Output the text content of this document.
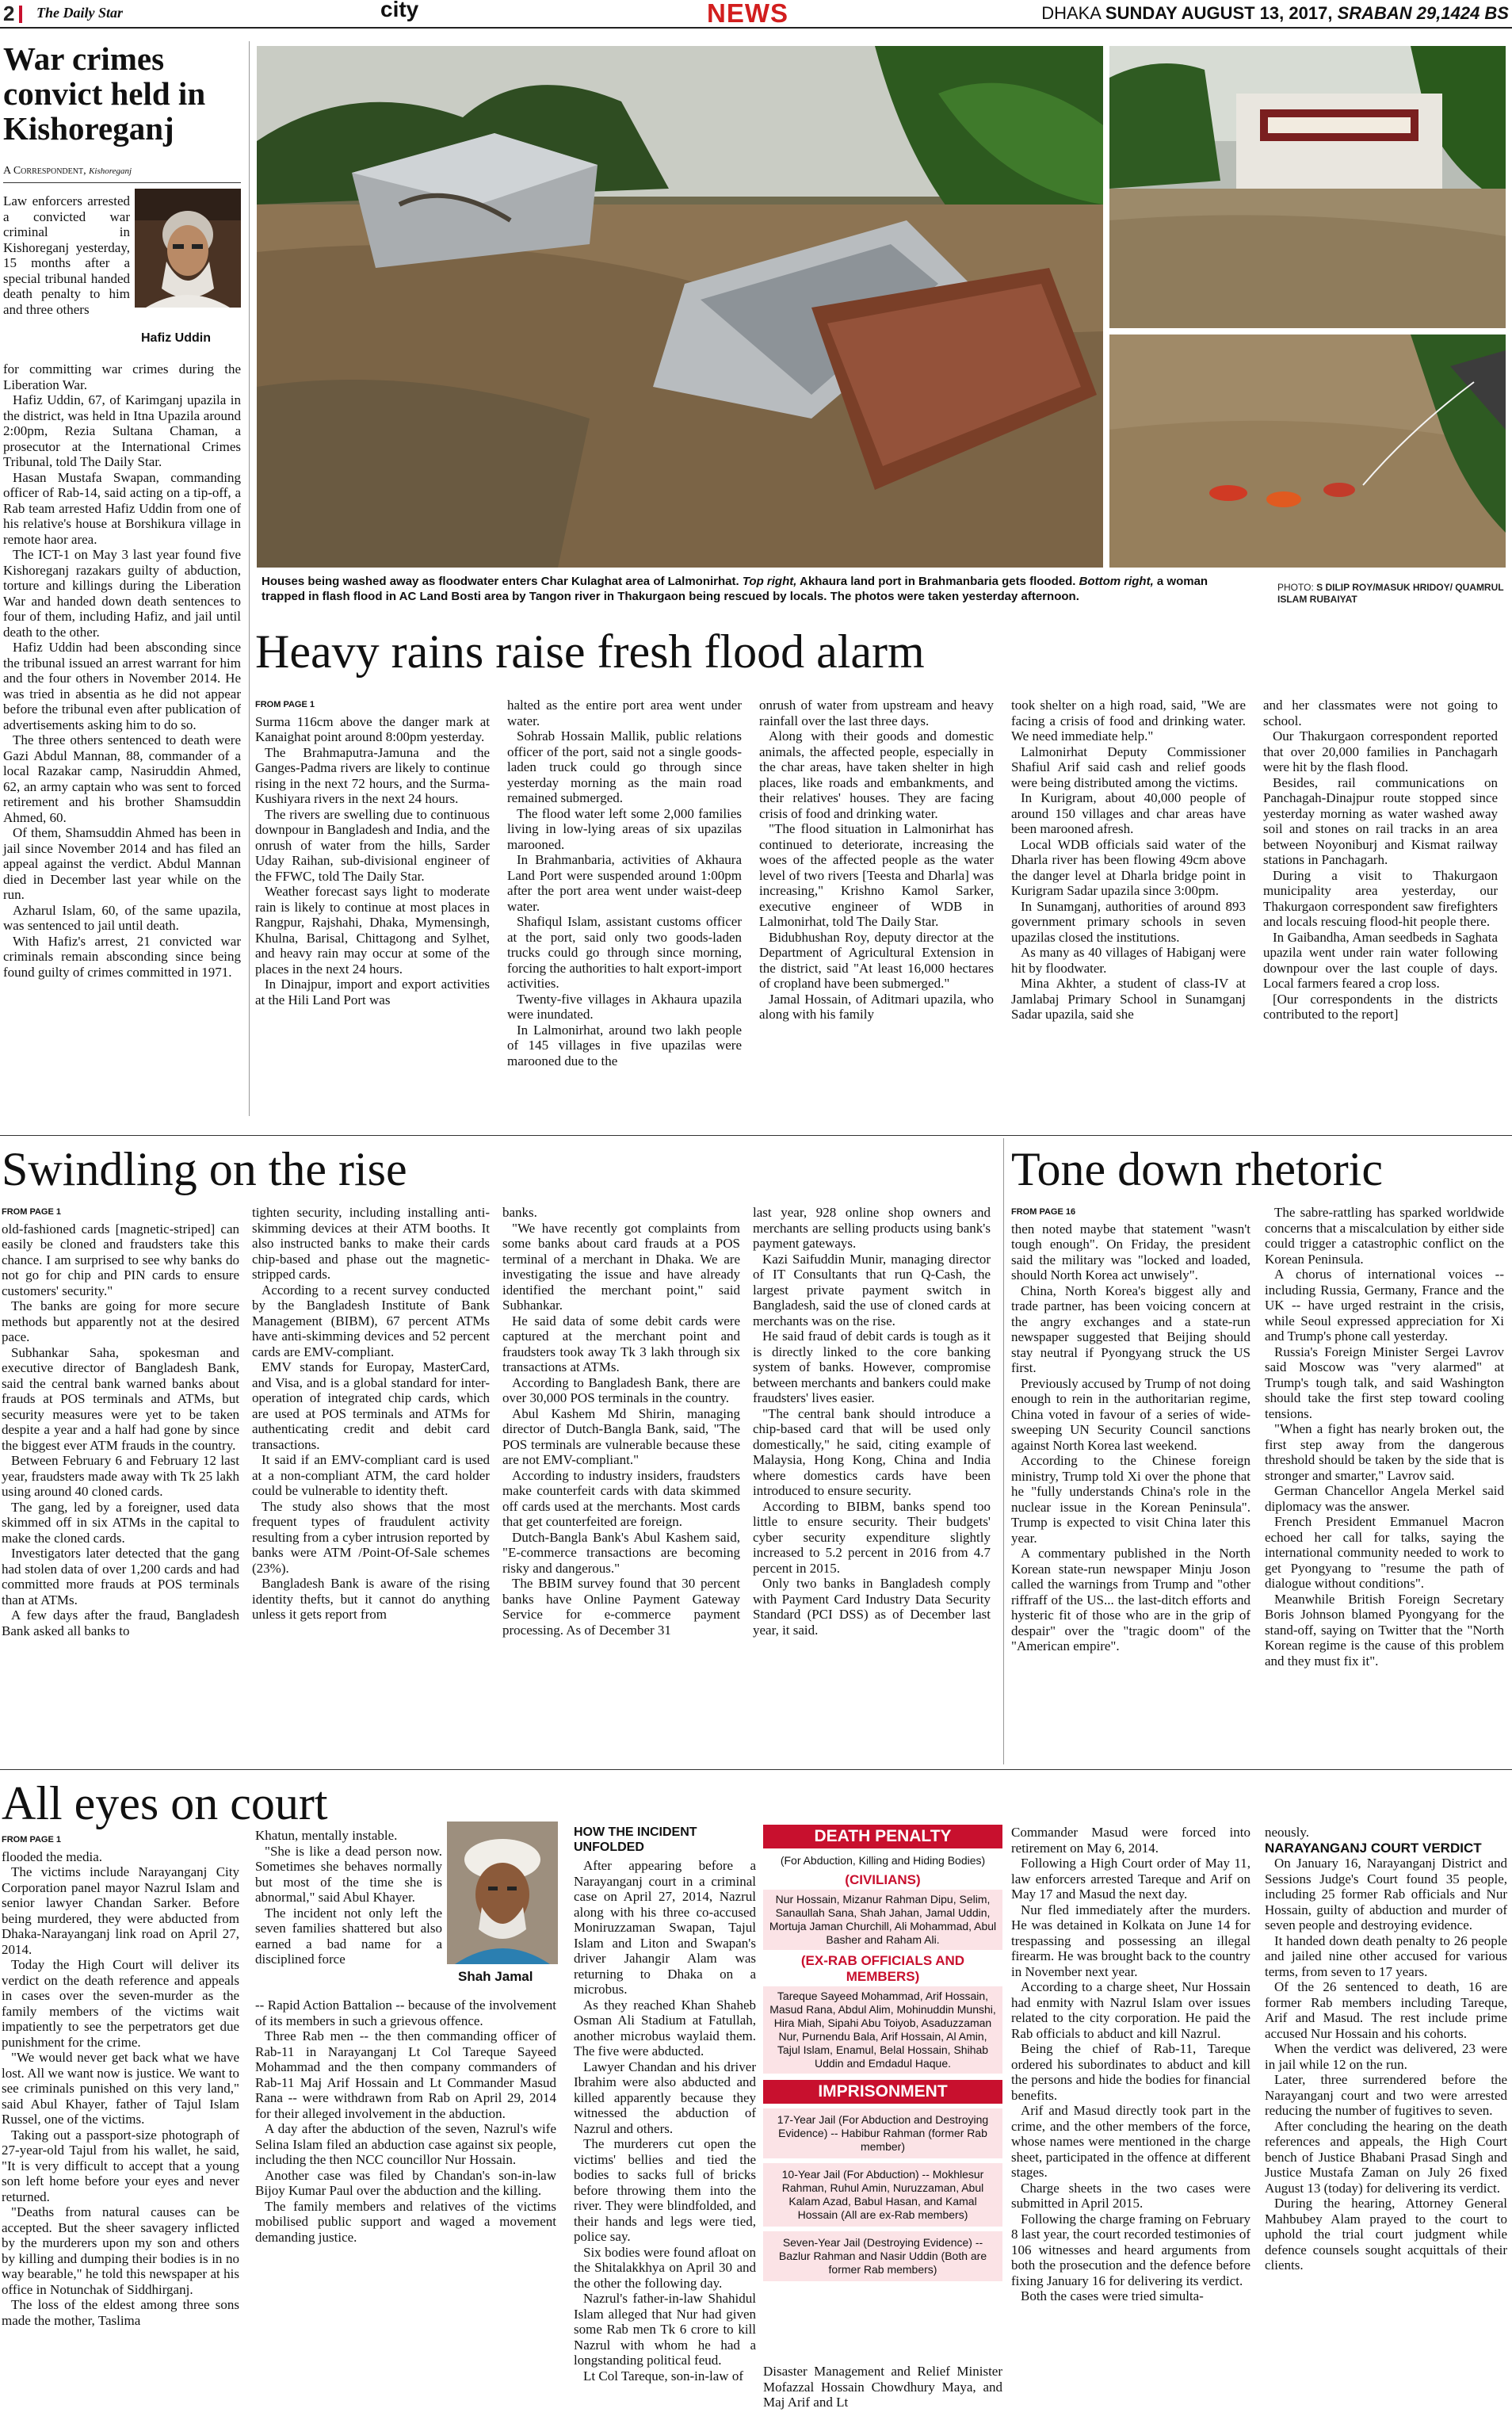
2	The Daily Star	city	NEWS	DHAKA SUNDAY AUGUST 13, 2017, SRABAN 29,1424 BS
War crimes convict held in Kishoreganj
A Correspondent, Kishoreganj
Hafiz Uddin

Law enforcers arrested a convicted war criminal in Kishoreganj yesterday, 15 months after a special tribunal handed death penalty to him and three others

for committing war crimes during the Liberation War.

Hafiz Uddin, 67, of Karimganj upazila in the district, was held in Itna Upazila around 2:00pm, Rezia Sultana Chaman, a prosecutor at the International Crimes Tribunal, told The Daily Star.

Hasan Mustafa Swapan, commanding officer of Rab-14, said acting on a tip-off, a Rab team arrested Hafiz Uddin from one of his relative's house at Borshikura village in remote haor area.

The ICT-1 on May 3 last year found five Kishoreganj razakars guilty of abduction, torture and killings during the Liberation War and handed down death sentences to four of them, including Hafiz, and jail until death to the other.

Hafiz Uddin had been absconding since the tribunal issued an arrest warrant for him and the four others in November 2014. He was tried in absentia as he did not appear before the tribunal even after publication of advertisements asking him to do so.

The three others sentenced to death were Gazi Abdul Mannan, 88, commander of a local Razakar camp, Nasiruddin Ahmed, 62, an army captain who was sent to forced retirement and his brother Shamsuddin Ahmed, 60.

Of them, Shamsuddin Ahmed has been in jail since November 2014 and has filed an appeal against the verdict. Abdul Mannan died in December last year while on the run.

Azharul Islam, 60, of the same upazila, was sentenced to jail until death.

With Hafiz's arrest, 21 convicted war criminals remain absconding since being found guilty of crimes committed in 1971.

Houses being washed away as floodwater enters Char Kulaghat area of Lalmonirhat. Top right, Akhaura land port in Brahmanbaria gets flooded. Bottom right, a woman trapped in flash flood in AC Land Bosti area by Tangon river in Thakurgaon being rescued by locals. The photos were taken yesterday afternoon.
PHOTO: S DILIP ROY/MASUK HRIDOY/ QUAMRUL ISLAM RUBAIYAT
Heavy rains raise fresh flood alarm
FROM PAGE 1

Surma 116cm above the danger mark at Kanaighat point around 8:00pm yesterday.

The Brahmaputra-Jamuna and the Ganges-Padma rivers are likely to continue rising in the next 72 hours, and the Surma-Kushiyara rivers in the next 24 hours.

The rivers are swelling due to continuous downpour in Bangladesh and India, and the onrush of water from the hills, Sarder Uday Raihan, sub-divisional engineer of the FFWC, told The Daily Star.

Weather forecast says light to moderate rain is likely to continue at most places in Rangpur, Rajshahi, Dhaka, Mymensingh, Khulna, Barisal, Chittagong and Sylhet, and heavy rain may occur at some of the places in the next 24 hours.

In Dinajpur, import and export activities at the Hili Land Port was

halted as the entire port area went under water.

Sohrab Hossain Mallik, public relations officer of the port, said not a single goods-laden truck could go through since yesterday morning as the main road remained submerged.

The flood water left some 2,000 families living in low-lying areas of six upazilas marooned.

In Brahmanbaria, activities of Akhaura Land Port were suspended around 1:00pm after the port area went under waist-deep water.

Shafiqul Islam, assistant customs officer at the port, said only two goods-laden trucks could go through since morning, forcing the authorities to halt export-import activities.

Twenty-five villages in Akhaura upazila were inundated.

In Lalmonirhat, around two lakh people of 145 villages in five upazilas were marooned due to the

onrush of water from upstream and heavy rainfall over the last three days.

Along with their goods and domestic animals, the affected people, especially in the char areas, have taken shelter in high places, like roads and embankments, and their relatives' houses. They are facing crisis of food and drinking water.

"The flood situation in Lalmonirhat has continued to deteriorate, increasing the woes of the affected people as the water level of two rivers [Teesta and Dharla] was increasing," Krishno Kamol Sarker, executive engineer of WDB in Lalmonirhat, told The Daily Star.

Bidubhushan Roy, deputy director at the Department of Agricultural Extension in the district, said "At least 16,000 hectares of cropland have been submerged."

Jamal Hossain, of Aditmari upazila, who along with his family

took shelter on a high road, said, "We are facing a crisis of food and drinking water. We need immediate help."

Lalmonirhat Deputy Commissioner Shafiul Arif said cash and relief goods were being distributed among the victims.

In Kurigram, about 40,000 people of around 150 villages and char areas have been marooned afresh.

Local WDB officials said water of the Dharla river has been flowing 49cm above the danger level at Dharla bridge point in Kurigram Sadar upazila since 3:00pm.

In Sunamganj, authorities of around 893 government primary schools in seven upazilas closed the institutions.

As many as 40 villages of Habiganj were hit by floodwater.

Mina Akhter, a student of class-IV at Jamlabaj Primary School in Sunamganj Sadar upazila, said she

and her classmates were not going to school.

Our Thakurgaon correspondent reported that over 20,000 families in Panchagarh were hit by the flash flood.

Besides, rail communications on Panchagah-Dinajpur route stopped since yesterday morning as water washed away soil and stones on rail tracks in an area between Noyonibur​j and Kismat railway stations in Panchagarh.

During a visit to Thakurgaon municipality area yesterday, our Thakurgaon correspondent saw firefighters and locals rescuing flood-hit people there.

In Gaibandha, Aman seedbeds in Saghata upazila went under rain water following downpour over the last couple of days. Local farmers feared a crop loss.

[Our correspondents in the districts contributed to the report]

Swindling on the rise
FROM PAGE 1

old-fashioned cards [magnetic-striped] can easily be cloned and fraudsters take this chance. I am surprised to see why banks do not go for chip and PIN cards to ensure customers' security."

The banks are going for more secure methods but apparently not at the desired pace.

Subhankar Saha, spokesman and executive director of Bangladesh Bank, said the central bank warned banks about frauds at POS terminals and ATMs, but security measures were yet to be taken despite a year and a half had gone by since the biggest ever ATM frauds in the country.

Between February 6 and February 12 last year, fraudsters made away with Tk 25 lakh using around 40 cloned cards.

The gang, led by a foreigner, used data skimmed off in six ATMs in the capital to make the cloned cards.

Investigators later detected that the gang had stolen data of over 1,200 cards and had committed more frauds at POS terminals than at ATMs.

A few days after the fraud, Bangladesh Bank asked all banks to

tighten security, including installing anti-skimming devices at their ATM booths. It also instructed banks to make their cards chip-based and phase out the magnetic-stripped cards.

According to a recent survey conducted by the Bangladesh Institute of Bank Management (BIBM), 67 percent ATMs have anti-skimming devices and 52 percent cards are EMV-compliant.

EMV stands for Europay, MasterCard, and Visa, and is a global standard for inter-operation of integrated chip cards, which are used at POS terminals and ATMs for authenticating credit and debit card transactions.

It said if an EMV-compliant card is used at a non-compliant ATM, the card holder could be vulnerable to identity theft.

The study also shows that the most frequent types of fraudulent activity resulting from a cyber intrusion reported by banks were ATM /Point-Of-Sale schemes (23%).

Bangladesh Bank is aware of the rising identity thefts, but it cannot do anything unless it gets report from

banks.

"We have recently got complaints from some banks about card frauds at a POS terminal of a merchant in Dhaka. We are investigating the issue and have already identified the merchant point," said Subhankar.

He said data of some debit cards were captured at the merchant point and fraudsters took away Tk 3 lakh through six transactions at ATMs.

According to Bangladesh Bank, there are over 30,000 POS terminals in the country.

Abul Kashem Md Shirin, managing director of Dutch-Bangla Bank, said, "The POS terminals are vulnerable because these are not EMV-compliant."

According to industry insiders, fraudsters make counterfeit cards with data skimmed off cards used at the merchants. Most cards that get counterfeited are foreign.

Dutch-Bangla Bank's Abul Kashem said, "E-commerce transactions are becoming risky and dangerous."

The BBIM survey found that 30 percent banks have Online Payment Gateway Service for e-commerce payment processing. As of December 31

last year, 928 online shop owners and merchants are selling products using bank's payment gateways.

Kazi Saifuddin Munir, managing director of IT Consultants that run Q-Cash, the largest private payment switch in Bangladesh, said the use of cloned cards at merchants was on the rise.

He said fraud of debit cards is tough as it is directly linked to the core banking system of banks. However, compromise between merchants and bankers could make fraudsters' lives easier.

"The central bank should introduce a chip-based card that will be used only domestically," he said, citing example of Malaysia, Hong Kong, China and India where domestics cards have been introduced to ensure security.

According to BIBM, banks spend too little to ensure security. Their budgets' cyber security expenditure slightly increased to 5.2 percent in 2016 from 4.7 percent in 2015.

Only two banks in Bangladesh comply with Payment Card Industry Data Security Standard (PCI DSS) as of December last year, it said.

Tone down rhetoric
FROM PAGE 16

then noted maybe that statement "wasn't tough enough". On Friday, the president said the military was "locked and loaded, should North Korea act unwisely".

China, North Korea's biggest ally and trade partner, has been voicing concern at the angry exchanges and a state-run newspaper suggested that Beijing should stay neutral if Pyongyang struck the US first.

Previously accused by Trump of not doing enough to rein in the authoritarian regime, China voted in favour of a series of wide-sweeping UN Security Council sanctions against North Korea last weekend.

According to the Chinese foreign ministry, Trump told Xi over the phone that he "fully understands China's role in the nuclear issue in the Korean Peninsula". Trump is expected to visit China later this year.

A commentary published in the North Korean state-run newspaper Minju Joson called the warnings from Trump and "other riffraff of the US... the last-ditch efforts and hysteric fit of those who are in the grip of despair" over the "tragic doom" of the "American empire".

The sabre-rattling has sparked worldwide concerns that a miscalculation by either side could trigger a catastrophic conflict on the Korean Peninsula.

A chorus of international voices -- including Russia, Germany, France and the UK -- have urged restraint in the crisis, while Seoul expressed appreciation for Xi and Trump's phone call yesterday.

Russia's Foreign Minister Sergei Lavrov said Moscow was "very alarmed" at Trump's tough talk, and said Washington should take the first step toward cooling tensions.

"When a fight has nearly broken out, the first step away from the dangerous threshold should be taken by the side that is stronger and smarter," Lavrov said.

German Chancellor Angela Merkel said diplomacy was the answer.

French President Emmanuel Macron echoed her call for talks, saying the international community needed to work to get Pyongyang to "resume the path of dialogue without conditions".

Meanwhile British Foreign Secretary Boris Johnson blamed Pyongyang for the stand-off, saying on Twitter that the "North Korean regime is the cause of this problem and they must fix it".

All eyes on court
FROM PAGE 1

flooded the media.

The victims include Narayanganj City Corporation panel mayor Nazrul Islam and senior lawyer Chandan Sarker. Before being murdered, they were abducted from Dhaka-Narayanganj link road on April 27, 2014.

Today the High Court will deliver its verdict on the death reference and appeals in cases over the seven-murder as the family members of the victims wait impatiently to see the perpetrators get due punishment for the crime.

"We would never get back what we have lost. All we want now is justice. We want to see criminals punished on this very land," said Abul Khayer, father of Tajul Islam Russel, one of the victims.

Taking out a passport-size photograph of 27-year-old Tajul from his wallet, he said, "It is very difficult to accept that a young son left home before your eyes and never returned.

"Deaths from natural causes can be accepted. But the sheer savagery inflicted by the murderers upon my son and others by killing and dumping their bodies is in no way bearable," he told this newspaper at his office in Notunchak of Siddhirganj.

The loss of the eldest among three sons made the mother, Taslima

Shah Jamal

Khatun, mentally instable.

"She is like a dead person now. Sometimes she behaves normally but most of the time she is abnormal," said Abul Khayer.

The incident not only left the seven families shattered but also earned a bad name for a disciplined force

-- Rapid Action Battalion -- because of the involvement of its members in such a grievous offence.

Three Rab men -- the then commanding officer of Rab-11 in Narayanganj Lt Col Tareque Sayeed Mohammad and the then company commanders of Rab-11 Maj Arif Hossain and Lt Commander Masud Rana -- were withdrawn from Rab on April 29, 2014 for their alleged involvement in the abduction.

A day after the abduction of the seven, Nazrul's wife Selina Islam filed an abduction case against six people, including the then NCC councillor Nur Hossain.

Another case was filed by Chandan's son-in-law Bijoy Kumar Paul over the abduction and the killing.

The family members and relatives of the victims mobilised public support and waged a movement demanding justice.

HOW THE INCIDENT UNFOLDED

After appearing before a Narayanganj court in a criminal case on April 27, 2014, Nazrul along with his three co-accused Moniruzzaman Swapan, Tajul Islam and Liton and Swapan's driver Jahangir Alam was returning to Dhaka on a microbus.

As they reached Khan Shaheb Osman Ali Stadium at Fatullah, another microbus waylaid them. The five were abducted.

Lawyer Chandan and his driver Ibrahim were also abducted and killed apparently because they witnessed the abduction of Nazrul and others.

The murderers cut open the victims' bellies and tied the bodies to sacks full of bricks before throwing them into the river. They were blindfolded, and their hands and legs were tied, police say.

Six bodies were found afloat on the Shitalakkhya on April 30 and the other the following day.

Nazrul's father-in-law Shahidul Islam alleged that Nur had given some Rab men Tk 6 crore to kill Nazrul with whom he had a longstanding political feud.

Lt Col Tareque, son-in-law of

DEATH PENALTY
(For Abduction, Killing and Hiding Bodies)
(CIVILIANS)
Nur Hossain, Mizanur Rahman Dipu, Selim, Sanaullah Sana, Shah Jahan, Jamal Uddin, Mortuja Jaman Churchill, Ali Mohammad, Abul Basher and Raham Ali.
(EX-RAB OFFICIALS AND MEMBERS)
Tareque Sayeed Mohammad, Arif Hossain, Masud Rana, Abdul Alim, Mohinuddin Munshi, Hira Miah, Sipahi Abu Toiyob, Asaduzzaman Nur, Purnendu Bala, Arif Hossain, Al Amin, Tajul Islam, Enamul, Belal Hossain, Shihab Uddin and Emdadul Haque.
IMPRISONMENT
17-Year Jail (For Abduction and Destroying Evidence) -- Habibur Rahman (former Rab member)
10-Year Jail (For Abduction) -- Mokhlesur Rahman, Ruhul Amin, Nuruzzaman, Abul Kalam Azad, Babul Hasan, and Kamal Hossain (All are ex-Rab members)
Seven-Year Jail (Destroying Evidence) -- Bazlur Rahman and Nasir Uddin (Both are former Rab members)

Disaster Management and Relief Minister Mofazzal Hossain Chowdhury Maya, and Maj Arif and Lt

Commander Masud were forced into retirement on May 6, 2014.

Following a High Court order of May 11, law enforcers arrested Tareque and Arif on May 17 and Masud the next day.

Nur fled immediately after the murders. He was detained in Kolkata on June 14 for trespassing and possessing an illegal firearm. He was brought back to the country in November next year.

According to a charge sheet, Nur Hossain had enmity with Nazrul Islam over issues related to the city corporation. He paid the Rab officials to abduct and kill Nazrul.

Being the chief of Rab-11, Tareque ordered his subordinates to abduct and kill the persons and hide the bodies for financial benefits.

Arif and Masud directly took part in the crime, and the other members of the force, whose names were mentioned in the charge sheet, participated in the offence at different stages.

Charge sheets in the two cases were submitted in April 2015.

Following the charge framing on February 8 last year, the court recorded testimonies of 106 witnesses and heard arguments from both the prosecution and the defence before fixing January 16 for delivering its verdict.

Both the cases were tried simulta-

neously.

NARAYANGANJ COURT VERDICT

On January 16, Narayanganj District and Sessions Judge's Court found 35 people, including 25 former Rab officials and Nur Hossain, guilty of abduction and murder of seven people and destroying evidence.

It handed down death penalty to 26 people and jailed nine other accused for various terms, from seven to 17 years.

Of the 26 sentenced to death, 16 are former Rab members including Tareque, Arif and Masud. The rest include prime accused Nur Hossain and his cohorts.

When the verdict was delivered, 23 were in jail while 12 on the run.

Later, three surrendered before the Narayanganj court and two were arrested reducing the number of fugitives to seven.

After concluding the hearing on the death references and appeals, the High Court bench of Justice Bhabani Prasad Singh and Justice Mustafa Zaman on July 26 fixed August 13 (today) for delivering its verdict.

During the hearing, Attorney General Mahbubey Alam prayed to the court to uphold the trial court judgment while defence counsels sought acquittals of their clients.
